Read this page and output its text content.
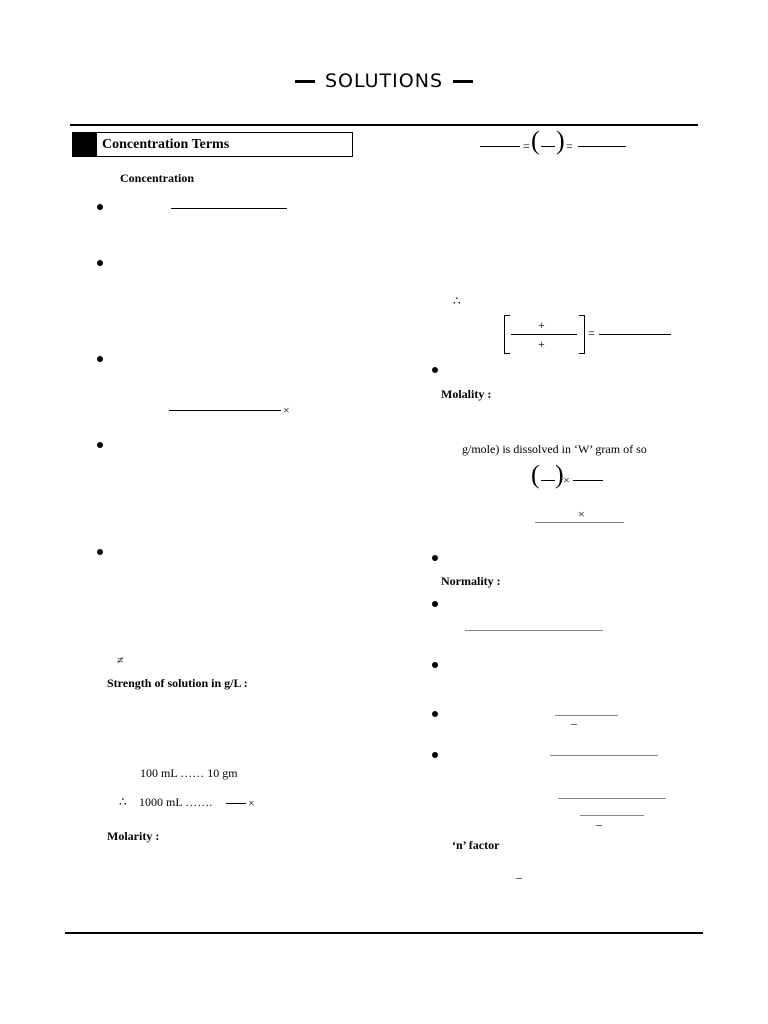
SOLUTIONS
Concentration Terms
Concentration
×
≠
Strength of solution in g/L :
100 mL …… 10 gm
∴ 1000 mL …….	×
Molarity :
= ( ) =
∴
+
+
=
Molality :
g/mole) is dissolved in ‘W’ gram of so
( ) ×
×
Normality :
–
–
‘n’ factor
–
